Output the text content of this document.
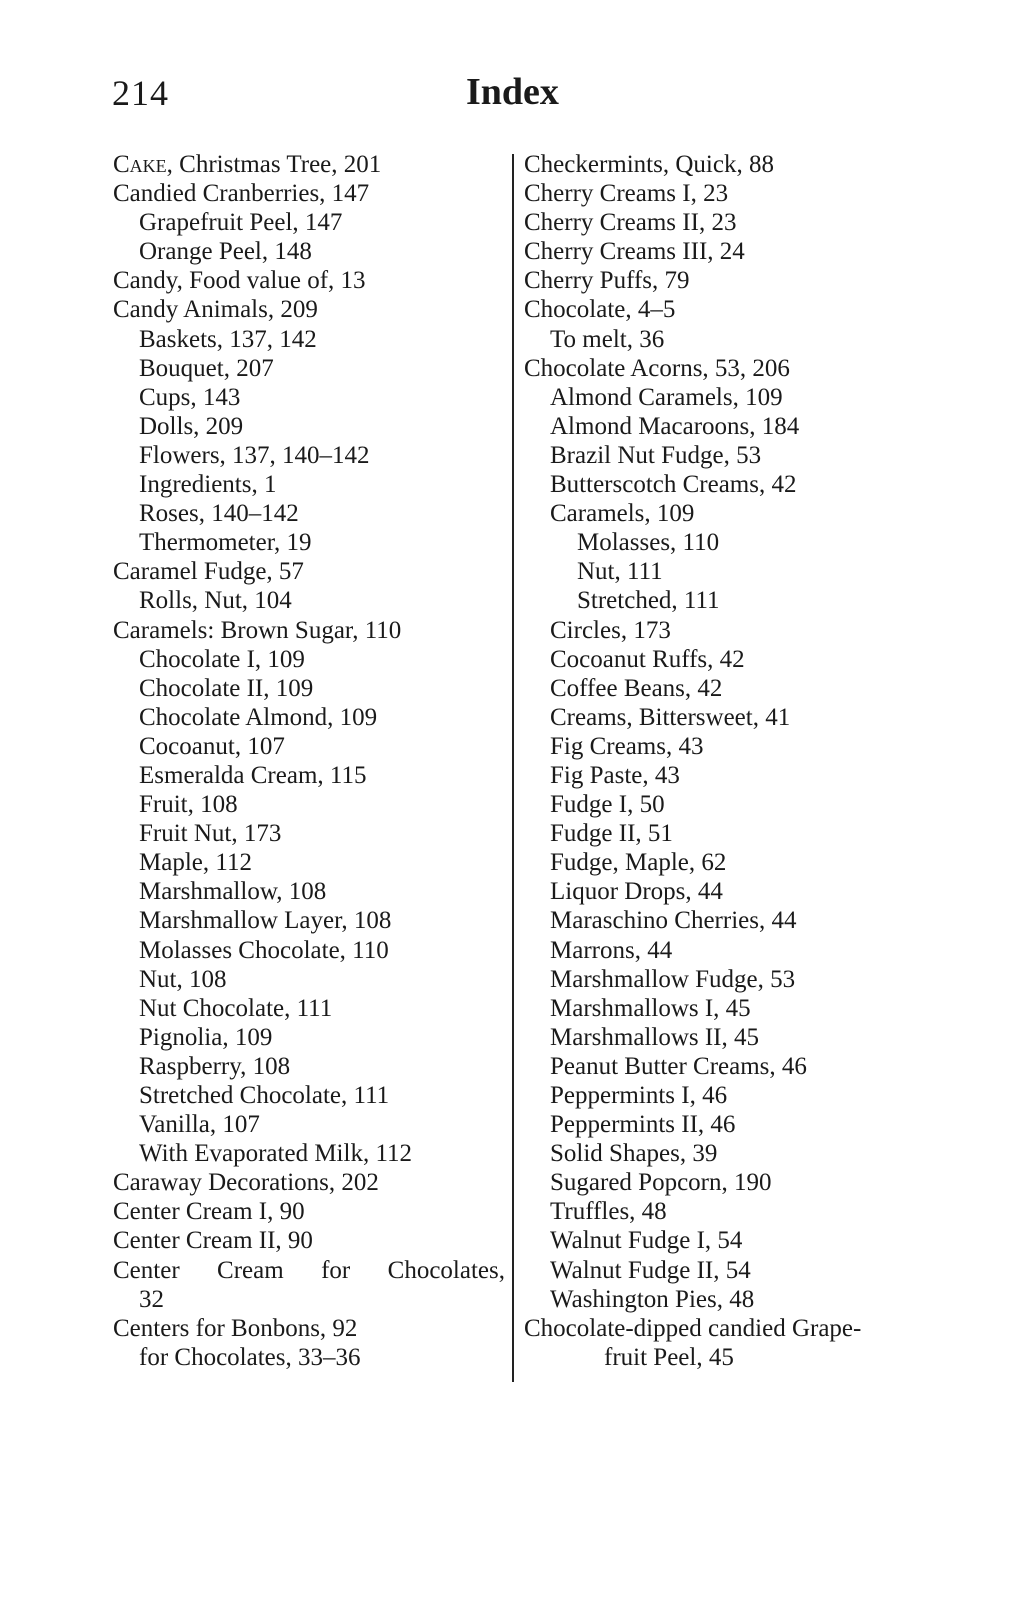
214	Index
Cake, Christmas Tree, 201
Candied Cranberries, 147
Grapefruit Peel, 147
Orange Peel, 148
Candy, Food value of, 13
Candy Animals, 209
Baskets, 137, 142
Bouquet, 207
Cups, 143
Dolls, 209
Flowers, 137, 140–142
Ingredients, 1
Roses, 140–142
Thermometer, 19
Caramel Fudge, 57
Rolls, Nut, 104
Caramels: Brown Sugar, 110
Chocolate I, 109
Chocolate II, 109
Chocolate Almond, 109
Cocoanut, 107
Esmeralda Cream, 115
Fruit, 108
Fruit Nut, 173
Maple, 112
Marshmallow, 108
Marshmallow Layer, 108
Molasses Chocolate, 110
Nut, 108
Nut Chocolate, 111
Pignolia, 109
Raspberry, 108
Stretched Chocolate, 111
Vanilla, 107
With Evaporated Milk, 112
Caraway Decorations, 202
Center Cream I, 90
Center Cream II, 90
Center Cream for Chocolates,
32
Centers for Bonbons, 92
for Chocolates, 33–36
Checkermints, Quick, 88
Cherry Creams I, 23
Cherry Creams II, 23
Cherry Creams III, 24
Cherry Puffs, 79
Chocolate, 4–5
To melt, 36
Chocolate Acorns, 53, 206
Almond Caramels, 109
Almond Macaroons, 184
Brazil Nut Fudge, 53
Butterscotch Creams, 42
Caramels, 109
Molasses, 110
Nut, 111
Stretched, 111
Circles, 173
Cocoanut Ruffs, 42
Coffee Beans, 42
Creams, Bittersweet, 41
Fig Creams, 43
Fig Paste, 43
Fudge I, 50
Fudge II, 51
Fudge, Maple, 62
Liquor Drops, 44
Maraschino Cherries, 44
Marrons, 44
Marshmallow Fudge, 53
Marshmallows I, 45
Marshmallows II, 45
Peanut Butter Creams, 46
Peppermints I, 46
Peppermints II, 46
Solid Shapes, 39
Sugared Popcorn, 190
Truffles, 48
Walnut Fudge I, 54
Walnut Fudge II, 54
Washington Pies, 48
Chocolate-dipped candied Grape-
fruit Peel, 45
